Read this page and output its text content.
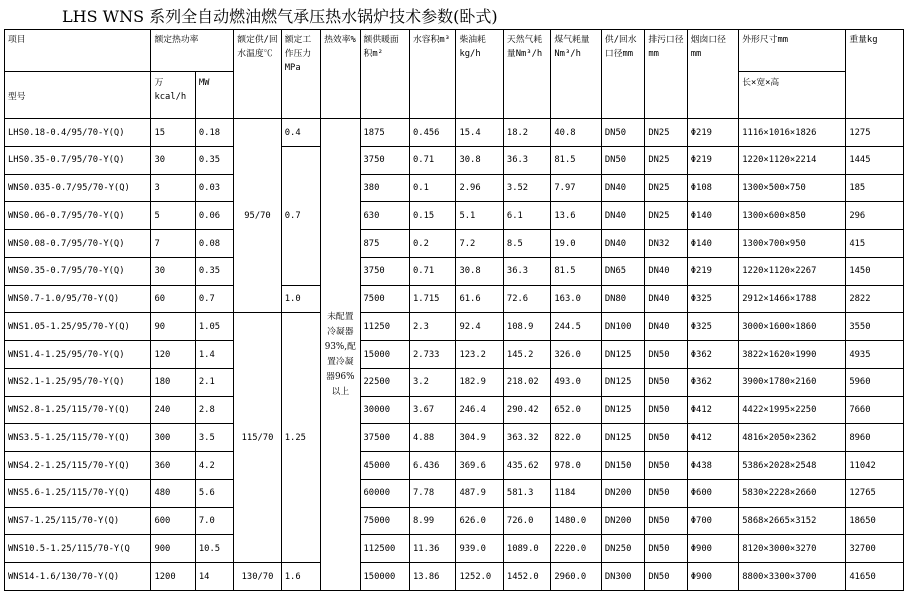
LHS WNS 系列全自动燃油燃气承压热水锅炉技术参数(卧式)
项目	额定热功率		额定供/回水温度℃	额定工作压力MPa	热效率%	额供暖面积m²	水容积m³	柴油耗 kg/h	天然气耗量Nm³/h	煤气耗量Nm³/h	供/回水口径mm	排污口径mm	烟囱口径mm	外形尺寸mm	重量kg
型号	万 kcal/h	MW												长×宽×高	
LHS0.18-0.4/95/70-Y(Q)	15	0.18	95/70	0.4	未配置冷凝器93%,配置冷凝器96%以上	1875	0.456	15.4	18.2	40.8	DN50	DN25	Φ219	1116×1016×1826	1275
LHS0.35-0.7/95/70-Y(Q)	30	0.35		0.7		3750	0.71	30.8	36.3	81.5	DN50	DN25	Φ219	1220×1120×2214	1445
WNS0.035-0.7/95/70-Y(Q)	3	0.03				380	0.1	2.96	3.52	7.97	DN40	DN25	Φ108	1300×500×750	185
WNS0.06-0.7/95/70-Y(Q)	5	0.06				630	0.15	5.1	6.1	13.6	DN40	DN25	Φ140	1300×600×850	296
WNS0.08-0.7/95/70-Y(Q)	7	0.08				875	0.2	7.2	8.5	19.0	DN40	DN32	Φ140	1300×700×950	415
WNS0.35-0.7/95/70-Y(Q)	30	0.35				3750	0.71	30.8	36.3	81.5	DN65	DN40	Φ219	1220×1120×2267	1450
WNS0.7-1.0/95/70-Y(Q)	60	0.7		1.0		7500	1.715	61.6	72.6	163.0	DN80	DN40	Φ325	2912×1466×1788	2822
WNS1.05-1.25/95/70-Y(Q)	90	1.05	115/70	1.25		11250	2.3	92.4	108.9	244.5	DN100	DN40	Φ325	3000×1600×1860	3550
WNS1.4-1.25/95/70-Y(Q)	120	1.4				15000	2.733	123.2	145.2	326.0	DN125	DN50	Φ362	3822×1620×1990	4935
WNS2.1-1.25/95/70-Y(Q)	180	2.1				22500	3.2	182.9	218.02	493.0	DN125	DN50	Φ362	3900×1780×2160	5960
WNS2.8-1.25/115/70-Y(Q)	240	2.8				30000	3.67	246.4	290.42	652.0	DN125	DN50	Φ412	4422×1995×2250	7660
WNS3.5-1.25/115/70-Y(Q)	300	3.5				37500	4.88	304.9	363.32	822.0	DN125	DN50	Φ412	4816×2050×2362	8960
WNS4.2-1.25/115/70-Y(Q)	360	4.2				45000	6.436	369.6	435.62	978.0	DN150	DN50	Φ438	5386×2028×2548	11042
WNS5.6-1.25/115/70-Y(Q)	480	5.6				60000	7.78	487.9	581.3	1184	DN200	DN50	Φ600	5830×2228×2660	12765
WNS7-1.25/115/70-Y(Q)	600	7.0				75000	8.99	626.0	726.0	1480.0	DN200	DN50	Φ700	5868×2665×3152	18650
WNS10.5-1.25/115/70-Y(Q	900	10.5				112500	11.36	939.0	1089.0	2220.0	DN250	DN50	Φ900	8120×3000×3270	32700
WNS14-1.6/130/70-Y(Q)	1200	14	130/70	1.6		150000	13.86	1252.0	1452.0	2960.0	DN300	DN50	Φ900	8800×3300×3700	41650
